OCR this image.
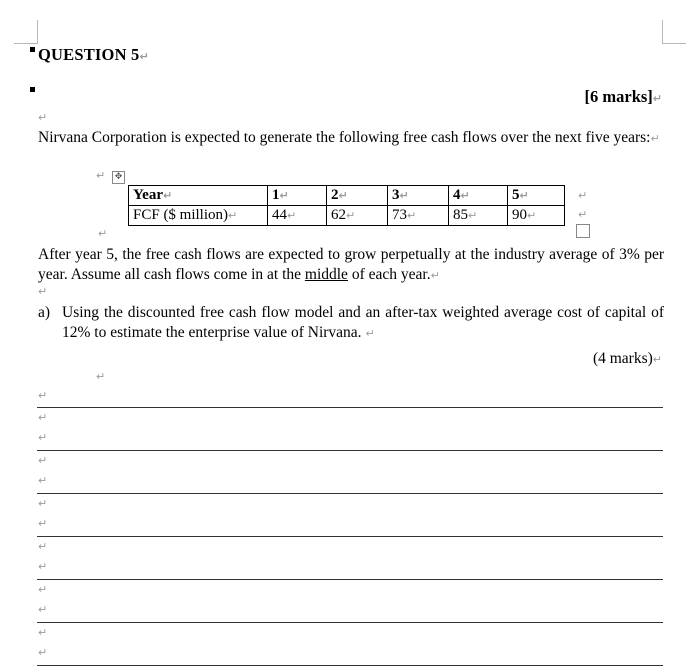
QUESTION 5↵
[6 marks]↵
↵
Nirvana Corporation is expected to generate the following free cash flows over the next five years:↵
↵	✥
Year↵	1↵	2↵	3↵	4↵	5↵
FCF ($ million)↵	44↵	62↵	73↵	85↵	90↵
↵
↵
↵
After year 5, the free cash flows are expected to grow perpetually at the industry average of 3% per year. Assume all cash flows come in at the middle of each year.↵
↵
a) Using the discounted free cash flow model and an after-tax weighted average cost of capital of 12% to estimate the enterprise value of Nirvana. ↵
(4 marks)↵
↵
↵
↵
↵
↵
↵
↵
↵
↵
↵
↵
↵
↵
↵
